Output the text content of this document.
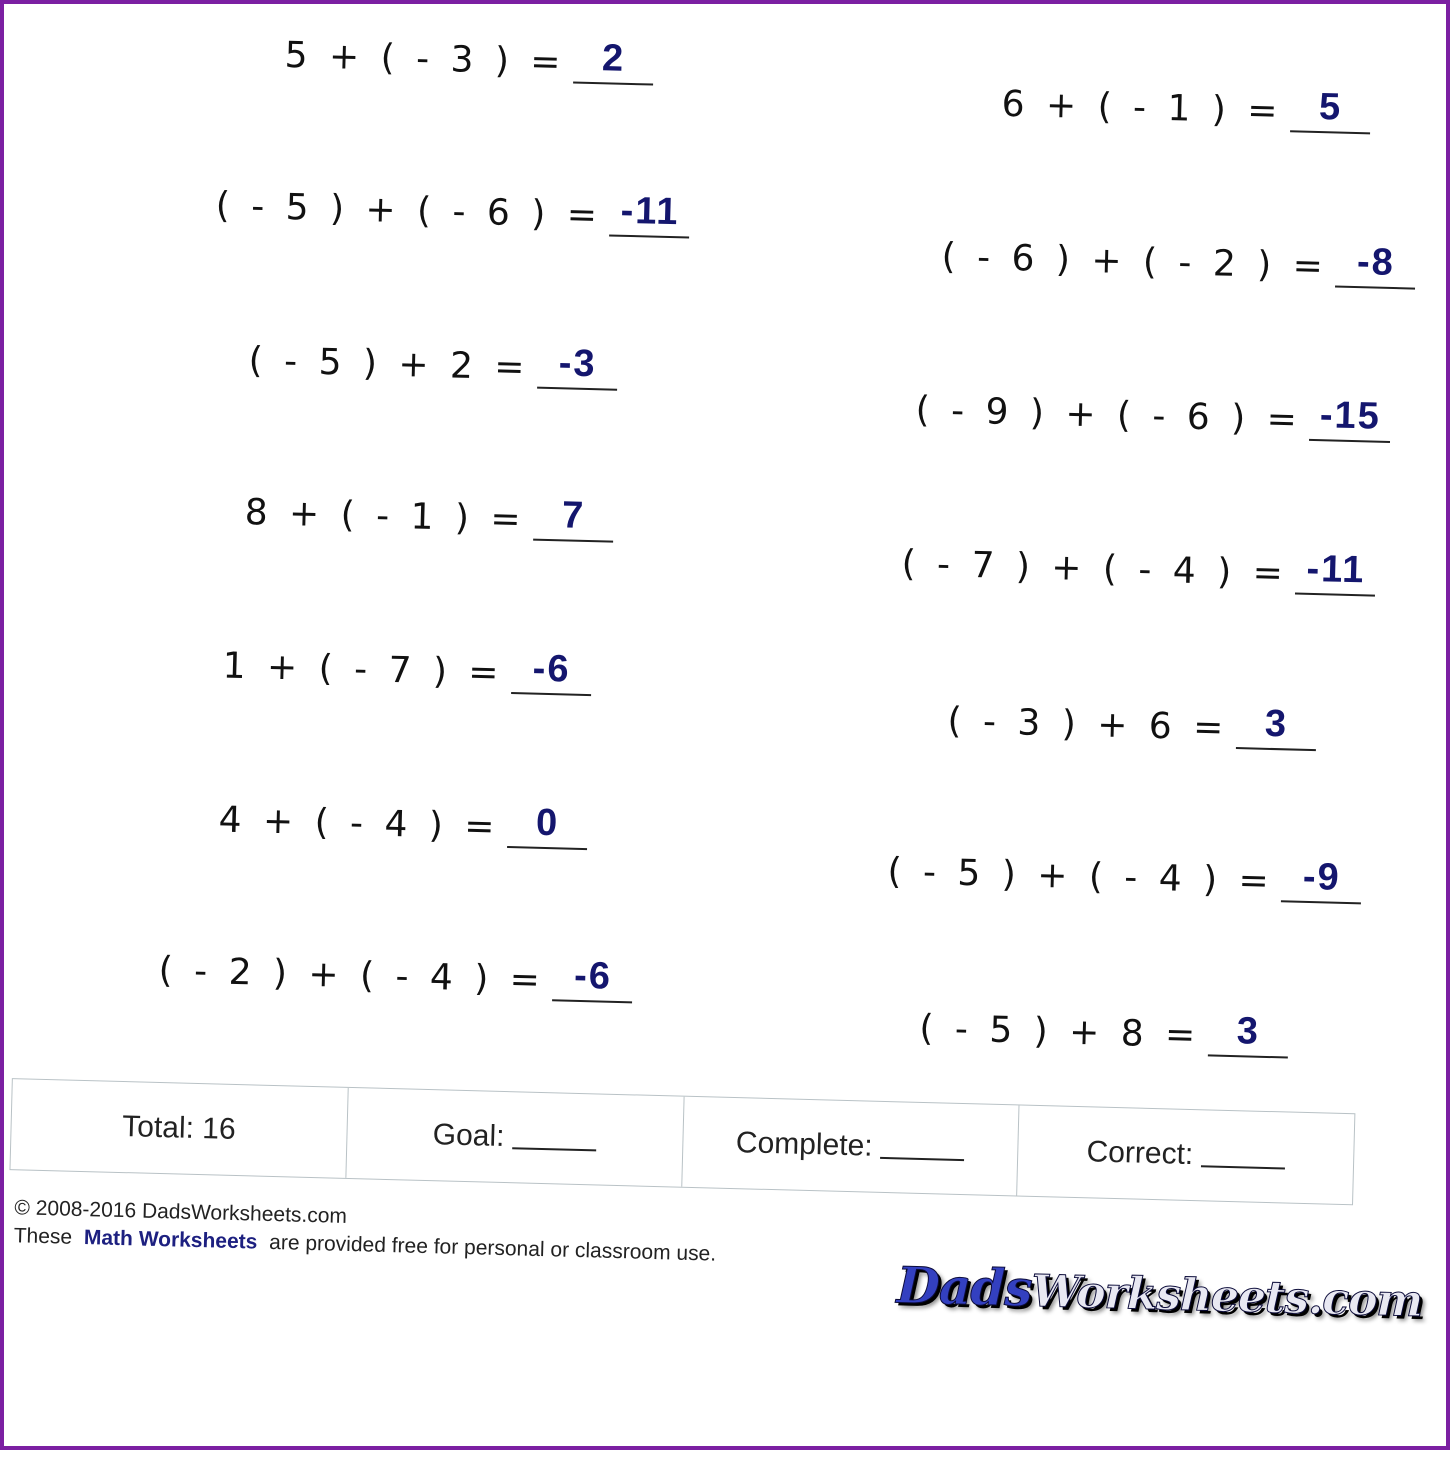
5 + ( - 3 ) = 2
( - 5 ) + ( - 6 ) = -11
( - 5 ) + 2 = -3
8 + ( - 1 ) = 7
1 + ( - 7 ) = -6
4 + ( - 4 ) = 0
( - 2 ) + ( - 4 ) = -6
6 + ( - 1 ) = 5
( - 6 ) + ( - 2 ) = -8
( - 9 ) + ( - 6 ) = -15
( - 7 ) + ( - 4 ) = -11
( - 3 ) + 6 = 3
( - 5 ) + ( - 4 ) = -9
( - 5 ) + 8 = 3
Total: 16	Goal:	Complete:	Correct:
© 2008-2016 DadsWorksheets.com
These Math Worksheets are provided free for personal or classroom use.
DadsWorksheets.com
